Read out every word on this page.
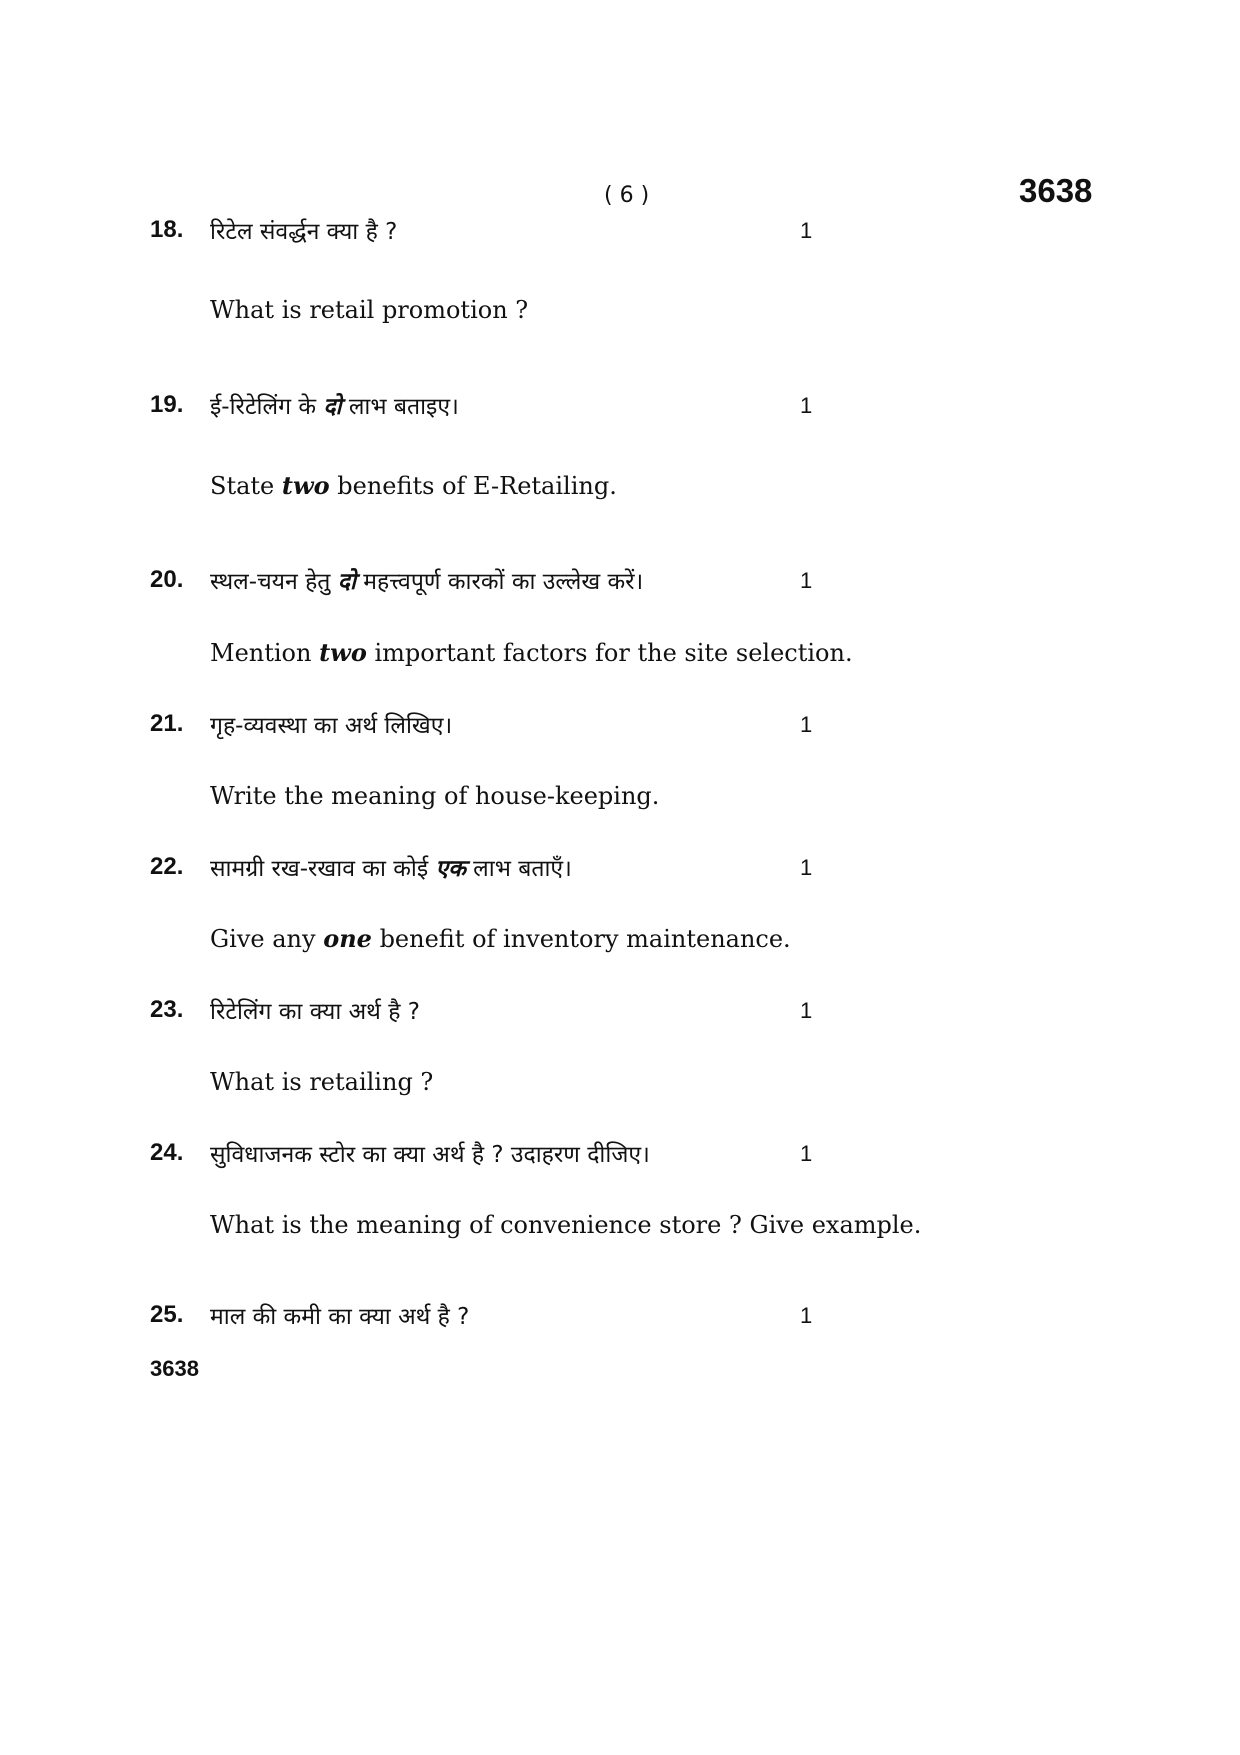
( 6 )	3638
18. रिटेल संवर्द्धन क्या है ?	1
What is retail promotion ?
19. ई-रिटेलिंग के दो लाभ बताइए।	1
State two benefits of E-Retailing.
20. स्थल-चयन हेतु दो महत्त्वपूर्ण कारकों का उल्लेख करें।	1
Mention two important factors for the site selection.
21. गृह-व्यवस्था का अर्थ लिखिए।	1
Write the meaning of house-keeping.
22. सामग्री रख-रखाव का कोई एक लाभ बताएँ।	1
Give any one benefit of inventory maintenance.
23. रिटेलिंग का क्या अर्थ है ?	1
What is retailing ?
24. सुविधाजनक स्टोर का क्या अर्थ है ? उदाहरण दीजिए।	1
What is the meaning of convenience store ? Give example.
25. माल की कमी का क्या अर्थ है ?	1
3638
